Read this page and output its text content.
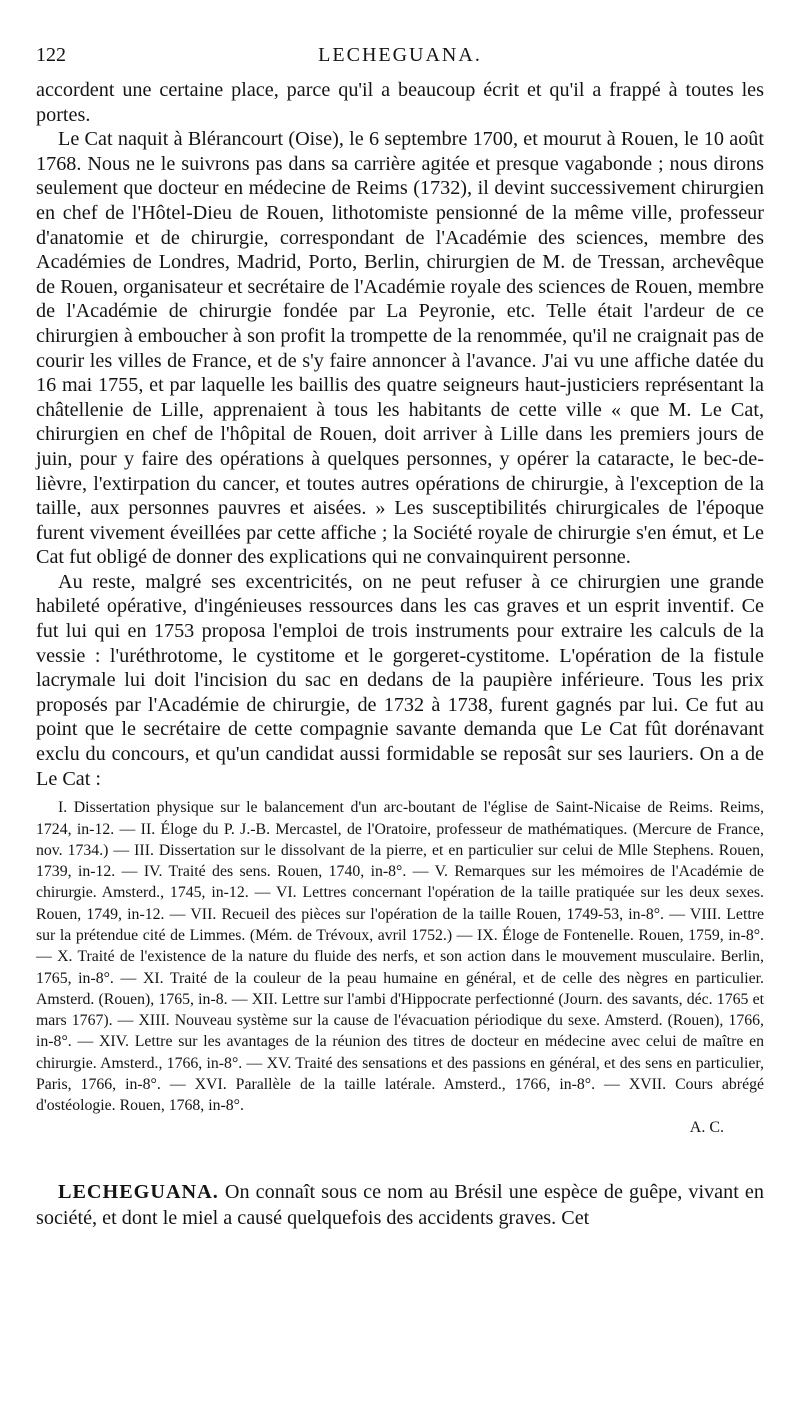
122	LECHEGUANA.

accordent une certaine place, parce qu'il a beaucoup écrit et qu'il a frappé à toutes les portes.

Le Cat naquit à Blérancourt (Oise), le 6 septembre 1700, et mourut à Rouen, le 10 août 1768. Nous ne le suivrons pas dans sa carrière agitée et presque vagabonde ; nous dirons seulement que docteur en médecine de Reims (1732), il devint successivement chirurgien en chef de l'Hôtel-Dieu de Rouen, lithotomiste pensionné de la même ville, professeur d'anatomie et de chirurgie, correspondant de l'Académie des sciences, membre des Académies de Londres, Madrid, Porto, Berlin, chirurgien de M. de Tressan, archevêque de Rouen, organisateur et secrétaire de l'Académie royale des sciences de Rouen, membre de l'Académie de chirurgie fondée par La Peyronie, etc. Telle était l'ardeur de ce chirurgien à emboucher à son profit la trompette de la renommée, qu'il ne craignait pas de courir les villes de France, et de s'y faire annoncer à l'avance. J'ai vu une affiche datée du 16 mai 1755, et par laquelle les baillis des quatre seigneurs haut-justiciers représentant la châtellenie de Lille, apprenaient à tous les habitants de cette ville « que M. Le Cat, chirurgien en chef de l'hôpital de Rouen, doit arriver à Lille dans les premiers jours de juin, pour y faire des opérations à quelques personnes, y opérer la cataracte, le bec-de-lièvre, l'extirpation du cancer, et toutes autres opérations de chirurgie, à l'exception de la taille, aux personnes pauvres et aisées. » Les susceptibilités chirurgicales de l'époque furent vivement éveillées par cette affiche ; la Société royale de chirurgie s'en émut, et Le Cat fut obligé de donner des explications qui ne convainquirent personne.

Au reste, malgré ses excentricités, on ne peut refuser à ce chirurgien une grande habileté opérative, d'ingénieuses ressources dans les cas graves et un esprit inventif. Ce fut lui qui en 1753 proposa l'emploi de trois instruments pour extraire les calculs de la vessie : l'uréthrotome, le cystitome et le gorgeret-cystitome. L'opération de la fistule lacrymale lui doit l'incision du sac en dedans de la paupière inférieure. Tous les prix proposés par l'Académie de chirurgie, de 1732 à 1738, furent gagnés par lui. Ce fut au point que le secrétaire de cette compagnie savante demanda que Le Cat fût dorénavant exclu du concours, et qu'un candidat aussi formidable se reposât sur ses lauriers. On a de Le Cat :

I. Dissertation physique sur le balancement d'un arc-boutant de l'église de Saint-Nicaise de Reims. Reims, 1724, in-12. — II. Éloge du P. J.-B. Mercastel, de l'Oratoire, professeur de mathématiques. (Mercure de France, nov. 1734.) — III. Dissertation sur le dissolvant de la pierre, et en particulier sur celui de Mlle Stephens. Rouen, 1739, in-12. — IV. Traité des sens. Rouen, 1740, in-8°. — V. Remarques sur les mémoires de l'Académie de chirurgie. Amsterd., 1745, in-12. — VI. Lettres concernant l'opération de la taille pratiquée sur les deux sexes. Rouen, 1749, in-12. — VII. Recueil des pièces sur l'opération de la taille Rouen, 1749-53, in-8°. — VIII. Lettre sur la prétendue cité de Limmes. (Mém. de Trévoux, avril 1752.) — IX. Éloge de Fontenelle. Rouen, 1759, in-8°. — X. Traité de l'existence de la nature du fluide des nerfs, et son action dans le mouvement musculaire. Berlin, 1765, in-8°. — XI. Traité de la couleur de la peau humaine en général, et de celle des nègres en particulier. Amsterd. (Rouen), 1765, in-8. — XII. Lettre sur l'ambi d'Hippocrate perfectionné (Journ. des savants, déc. 1765 et mars 1767). — XIII. Nouveau système sur la cause de l'évacuation périodique du sexe. Amsterd. (Rouen), 1766, in-8°. — XIV. Lettre sur les avantages de la réunion des titres de docteur en médecine avec celui de maître en chirurgie. Amsterd., 1766, in-8°. — XV. Traité des sensations et des passions en général, et des sens en particulier, Paris, 1766, in-8°. — XVI. Parallèle de la taille latérale. Amsterd., 1766, in-8°. — XVII. Cours abrégé d'ostéologie. Rouen, 1768, in-8°.

A. C.

LECHEGUANA. On connaît sous ce nom au Brésil une espèce de guêpe, vivant en société, et dont le miel a causé quelquefois des accidents graves. Cet
